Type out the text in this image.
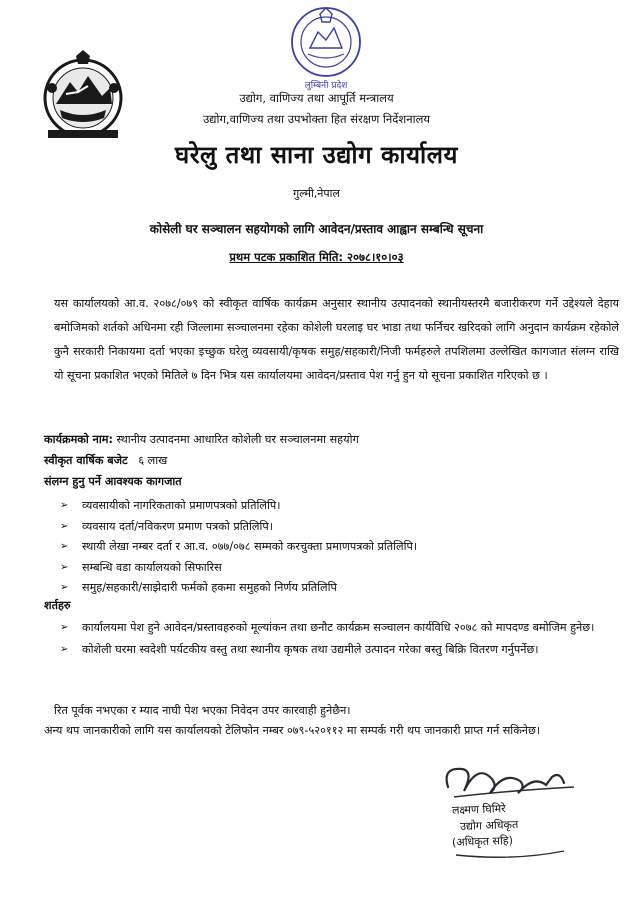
लुम्बिनी प्रदेश
उद्योग, वाणिज्य तथा आपूर्ति मन्त्रालय
उद्योग,वाणिज्य तथा उपभोक्ता हित संरक्षण निर्देशनालय
घरेलु तथा साना उद्योग कार्यालय
गुल्मी,नेपाल
कोसेली घर सञ्चालन सहयोगको लागि आवेदन/प्रस्ताव आह्वान सम्बन्धि सूचना
प्रथम पटक प्रकाशित मिति: २०७८।१०।०३
यस कार्यालयको आ.व. २०७८/०७९ को स्वीकृत वार्षिक कार्यक्रम अनुसार स्थानीय उत्पादनको स्थानीयस्तरमै बजारीकरण गर्ने उद्देश्यले देहाय बमोजिमको शर्तको अधिनमा रही जिल्लामा सञ्चालनमा रहेका कोशेली घरलाइ घर भाडा तथा फर्निचर खरिदको लागि अनुदान कार्यक्रम रहेकोले कुनै सरकारी निकायमा दर्ता भएका इच्छुक घरेलु व्यवसायी/कृषक समुह/सहकारी/निजी फर्महरुले तपशिलमा उल्लेखित कागजात संलग्न राखि यो सूचना प्रकाशित भएको मितिले ७ दिन भित्र यस कार्यालयमा आवेदन/प्रस्ताव पेश गर्नु हुन यो सूचना प्रकाशित गरिएको छ ।
कार्यक्रमको नाम: स्थानीय उत्पादनमा आधारित कोशेली घर सञ्चालनमा सहयोग
स्वीकृत वार्षिक बजेट ६ लाख
संलग्न हुनु पर्ने आवश्यक कागजात
➢ व्यवसायीको नागरिकताको प्रमाणपत्रको प्रतिलिपि।
➢ व्यवसाय दर्ता/नविकरण प्रमाण पत्रको प्रतिलिपि।
➢ स्थायी लेखा नम्बर दर्ता र आ.व. ०७७/०७८ सम्मको करचुक्ता प्रमाणपत्रको प्रतिलिपि।
➢ सम्बन्धि वडा कार्यालयको सिफारिस
➢ समुह/सहकारी/साझेदारी फर्मको हकमा समुहको निर्णय प्रतिलिपि
शर्तहरु
➢ कार्यालयमा पेश हुने आवेदन/प्रस्तावहरुको मूल्यांकन तथा छनौट कार्यक्रम सञ्चालन कार्यविधि २०७८ को मापदण्ड बमोजिम हुनेछ।
➢ कोशेली घरमा स्वदेशी पर्यटकीय वस्तु तथा स्थानीय कृषक तथा उद्यमीले उत्पादन गरेका बस्तु बिक्रि वितरण गर्नुपर्नेछ।
रित पूर्वक नभएका र म्याद नाघी पेश भएका निवेदन उपर कारवाही हुनेछैन।
अन्य थप जानकारीको लागि यस कार्यालयको टेलिफोन नम्बर ०७९-५२०११२ मा सम्पर्क गरी थप जानकारी प्राप्त गर्न सकिनेछ।
लक्ष्मण घिमिरे
उद्योग अधिकृत
(अधिकृत सहि)
